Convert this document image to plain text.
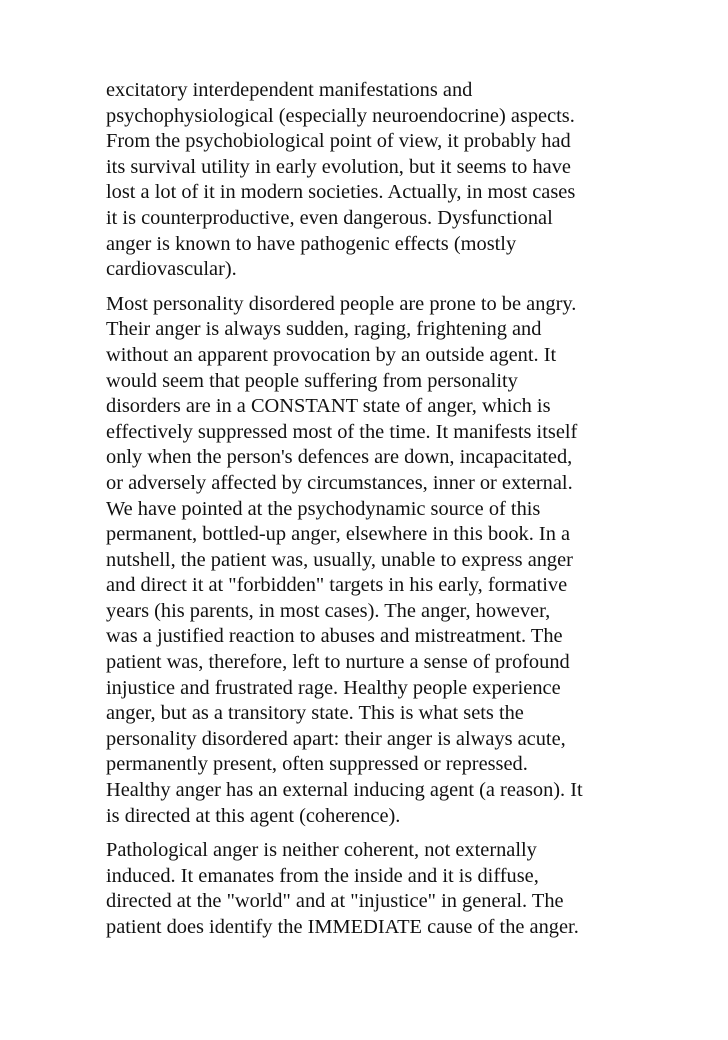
excitatory interdependent manifestations and
psychophysiological (especially neuroendocrine) aspects.
From the psychobiological point of view, it probably had
its survival utility in early evolution, but it seems to have
lost a lot of it in modern societies. Actually, in most cases
it is counterproductive, even dangerous. Dysfunctional
anger is known to have pathogenic effects (mostly
cardiovascular).

Most personality disordered people are prone to be angry.
Their anger is always sudden, raging, frightening and
without an apparent provocation by an outside agent. It
would seem that people suffering from personality
disorders are in a CONSTANT state of anger, which is
effectively suppressed most of the time. It manifests itself
only when the person's defences are down, incapacitated,
or adversely affected by circumstances, inner or external.
We have pointed at the psychodynamic source of this
permanent, bottled-up anger, elsewhere in this book. In a
nutshell, the patient was, usually, unable to express anger
and direct it at "forbidden" targets in his early, formative
years (his parents, in most cases). The anger, however,
was a justified reaction to abuses and mistreatment. The
patient was, therefore, left to nurture a sense of profound
injustice and frustrated rage. Healthy people experience
anger, but as a transitory state. This is what sets the
personality disordered apart: their anger is always acute,
permanently present, often suppressed or repressed.
Healthy anger has an external inducing agent (a reason). It
is directed at this agent (coherence).

Pathological anger is neither coherent, not externally
induced. It emanates from the inside and it is diffuse,
directed at the "world" and at "injustice" in general. The
patient does identify the IMMEDIATE cause of the anger.
